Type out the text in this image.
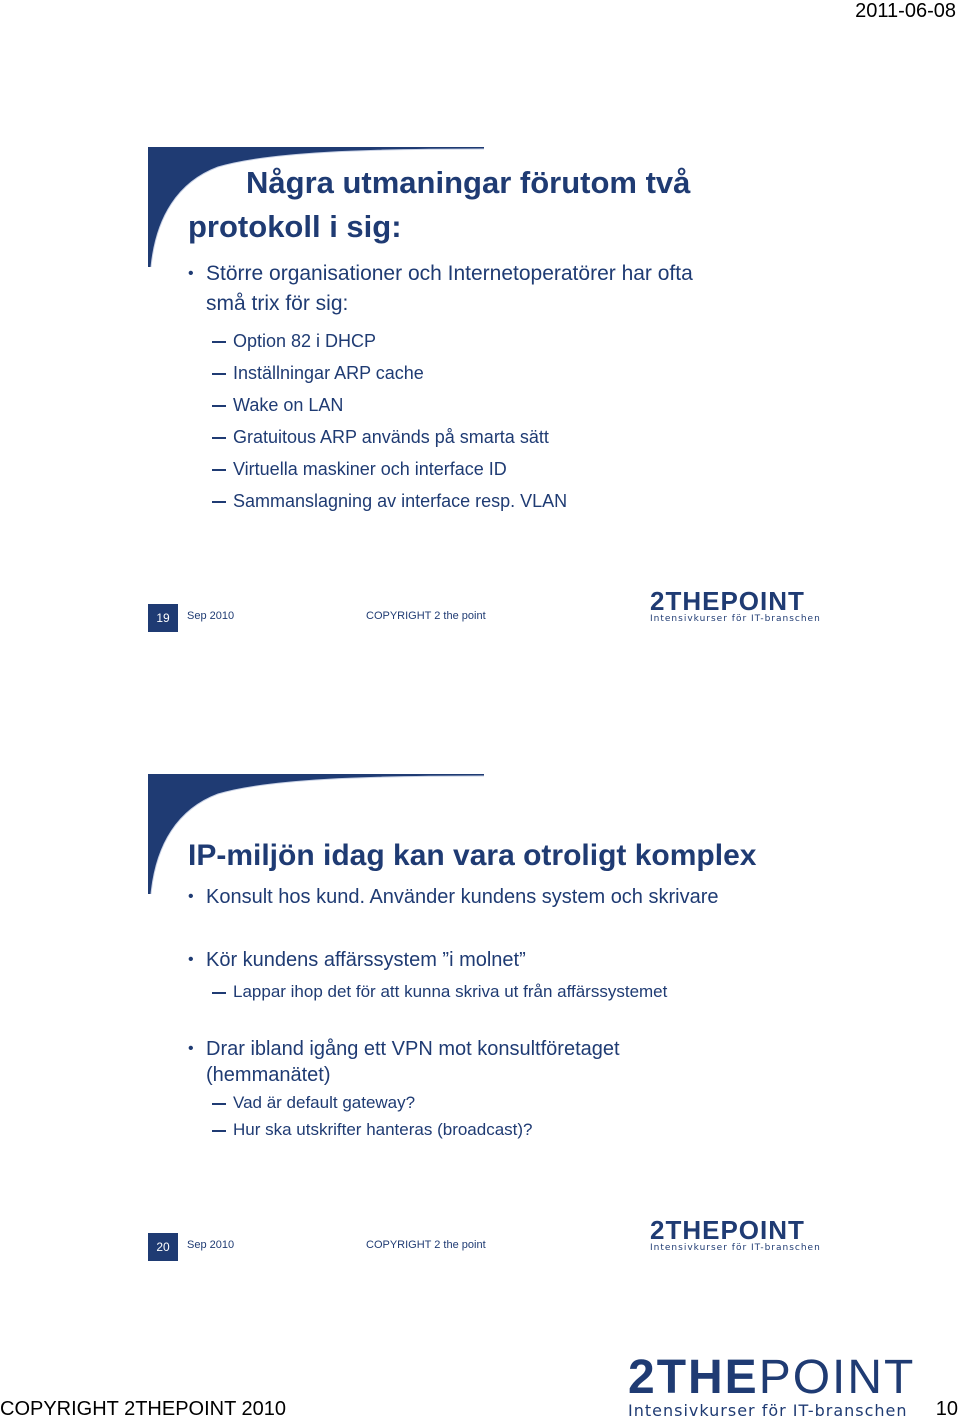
2011-06-08
Några utmaningar förutom två
protokoll i sig:
• Större organisationer och Internetoperatörer har ofta
små trix för sig:
Option 82 i DHCP
Inställningar ARP cache
Wake on LAN
Gratuitous ARP används på smarta sätt
Virtuella maskiner och interface ID
Sammanslagning av interface resp. VLAN
19	Sep 2010	COPYRIGHT 2 the point	2THEPOINT
Intensivkurser för IT-branschen
IP-miljön idag kan vara otroligt komplex
• Konsult hos kund. Använder kundens system och skrivare
• Kör kundens affärssystem ”i molnet”
Lappar ihop det för att kunna skriva ut från affärssystemet
• Drar ibland igång ett VPN mot konsultföretaget
(hemmanätet)
Vad är default gateway?
Hur ska utskrifter hanteras (broadcast)?
20	Sep 2010	COPYRIGHT 2 the point	2THEPOINT
Intensivkurser för IT-branschen
2THEPOINT
Intensivkurser för IT-branschen
COPYRIGHT 2THEPOINT 2010	10
